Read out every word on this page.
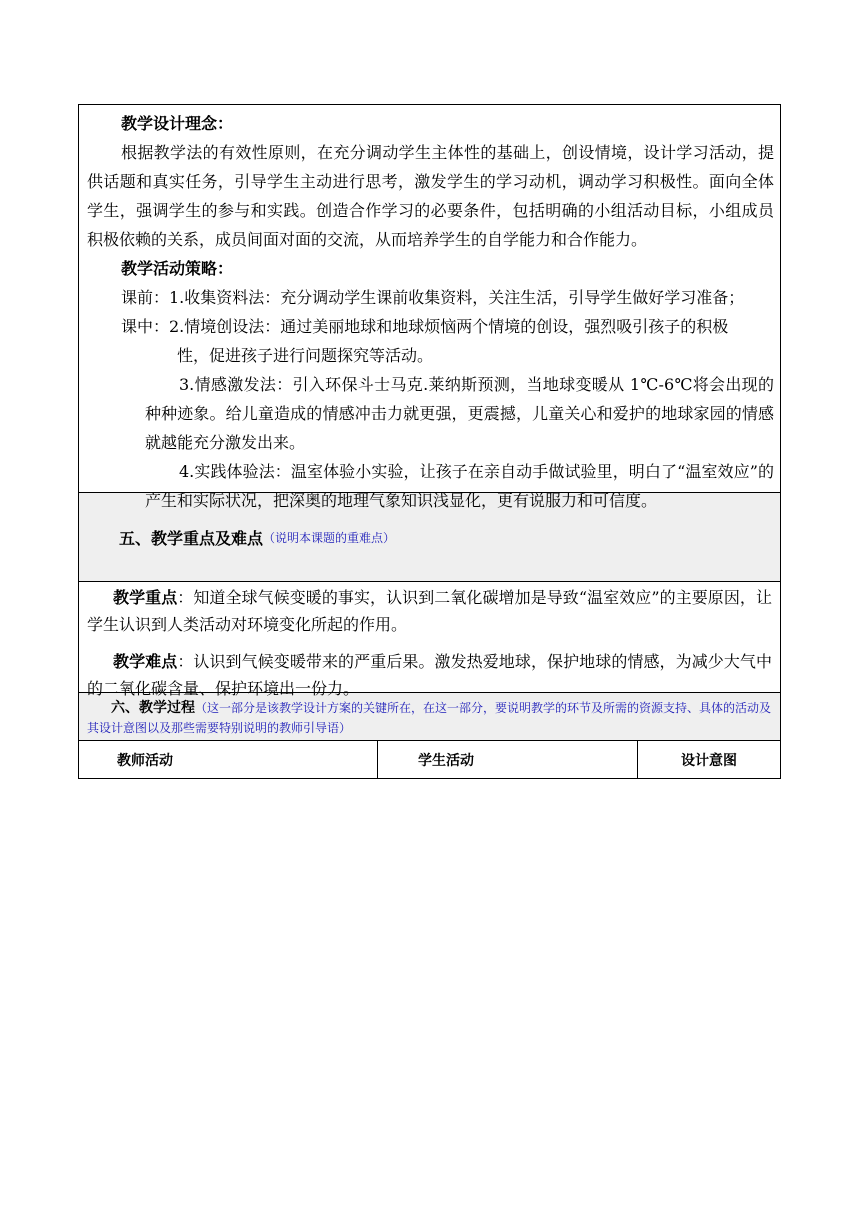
教学设计理念：

根据教学法的有效性原则，在充分调动学生主体性的基础上，创设情境，设计学习活动，提供话题和真实任务，引导学生主动进行思考，激发学生的学习动机，调动学习积极性。面向全体学生，强调学生的参与和实践。创造合作学习的必要条件，包括明确的小组活动目标，小组成员积极依赖的关系，成员间面对面的交流，从而培养学生的自学能力和合作能力。

教学活动策略：

课前：1.收集资料法：充分调动学生课前收集资料，关注生活，引导学生做好学习准备；

课中：2.情境创设法：通过美丽地球和地球烦恼两个情境的创设，强烈吸引孩子的积极

性，促进孩子进行问题探究等活动。

3.情感激发法：引入环保斗士马克.莱纳斯预测，当地球变暖从 1℃-6℃将会出现的种种迹象。给儿童造成的情感冲击力就更强，更震撼，儿童关心和爱护的地球家园的情感就越能充分激发出来。

4.实践体验法：温室体验小实验，让孩子在亲自动手做试验里，明白了“温室效应”的产生和实际状况，把深奥的地理气象知识浅显化，更有说服力和可信度。

五、教学重点及难点 （说明本课题的重难点）

教学重点：知道全球气候变暖的事实，认识到二氧化碳增加是导致“温室效应”的主要原因，让学生认识到人类活动对环境变化所起的作用。

教学难点：认识到气候变暖带来的严重后果。激发热爱地球，保护地球的情感，为减少大气中的二氧化碳含量、保护环境出一份力。

六、教学过程（这一部分是该教学设计方案的关键所在，在这一部分，要说明教学的环节及所需的资源支持、具体的活动及其设计意图以及那些需要特别说明的教师引导语）
教师活动	学生活动	设计意图
